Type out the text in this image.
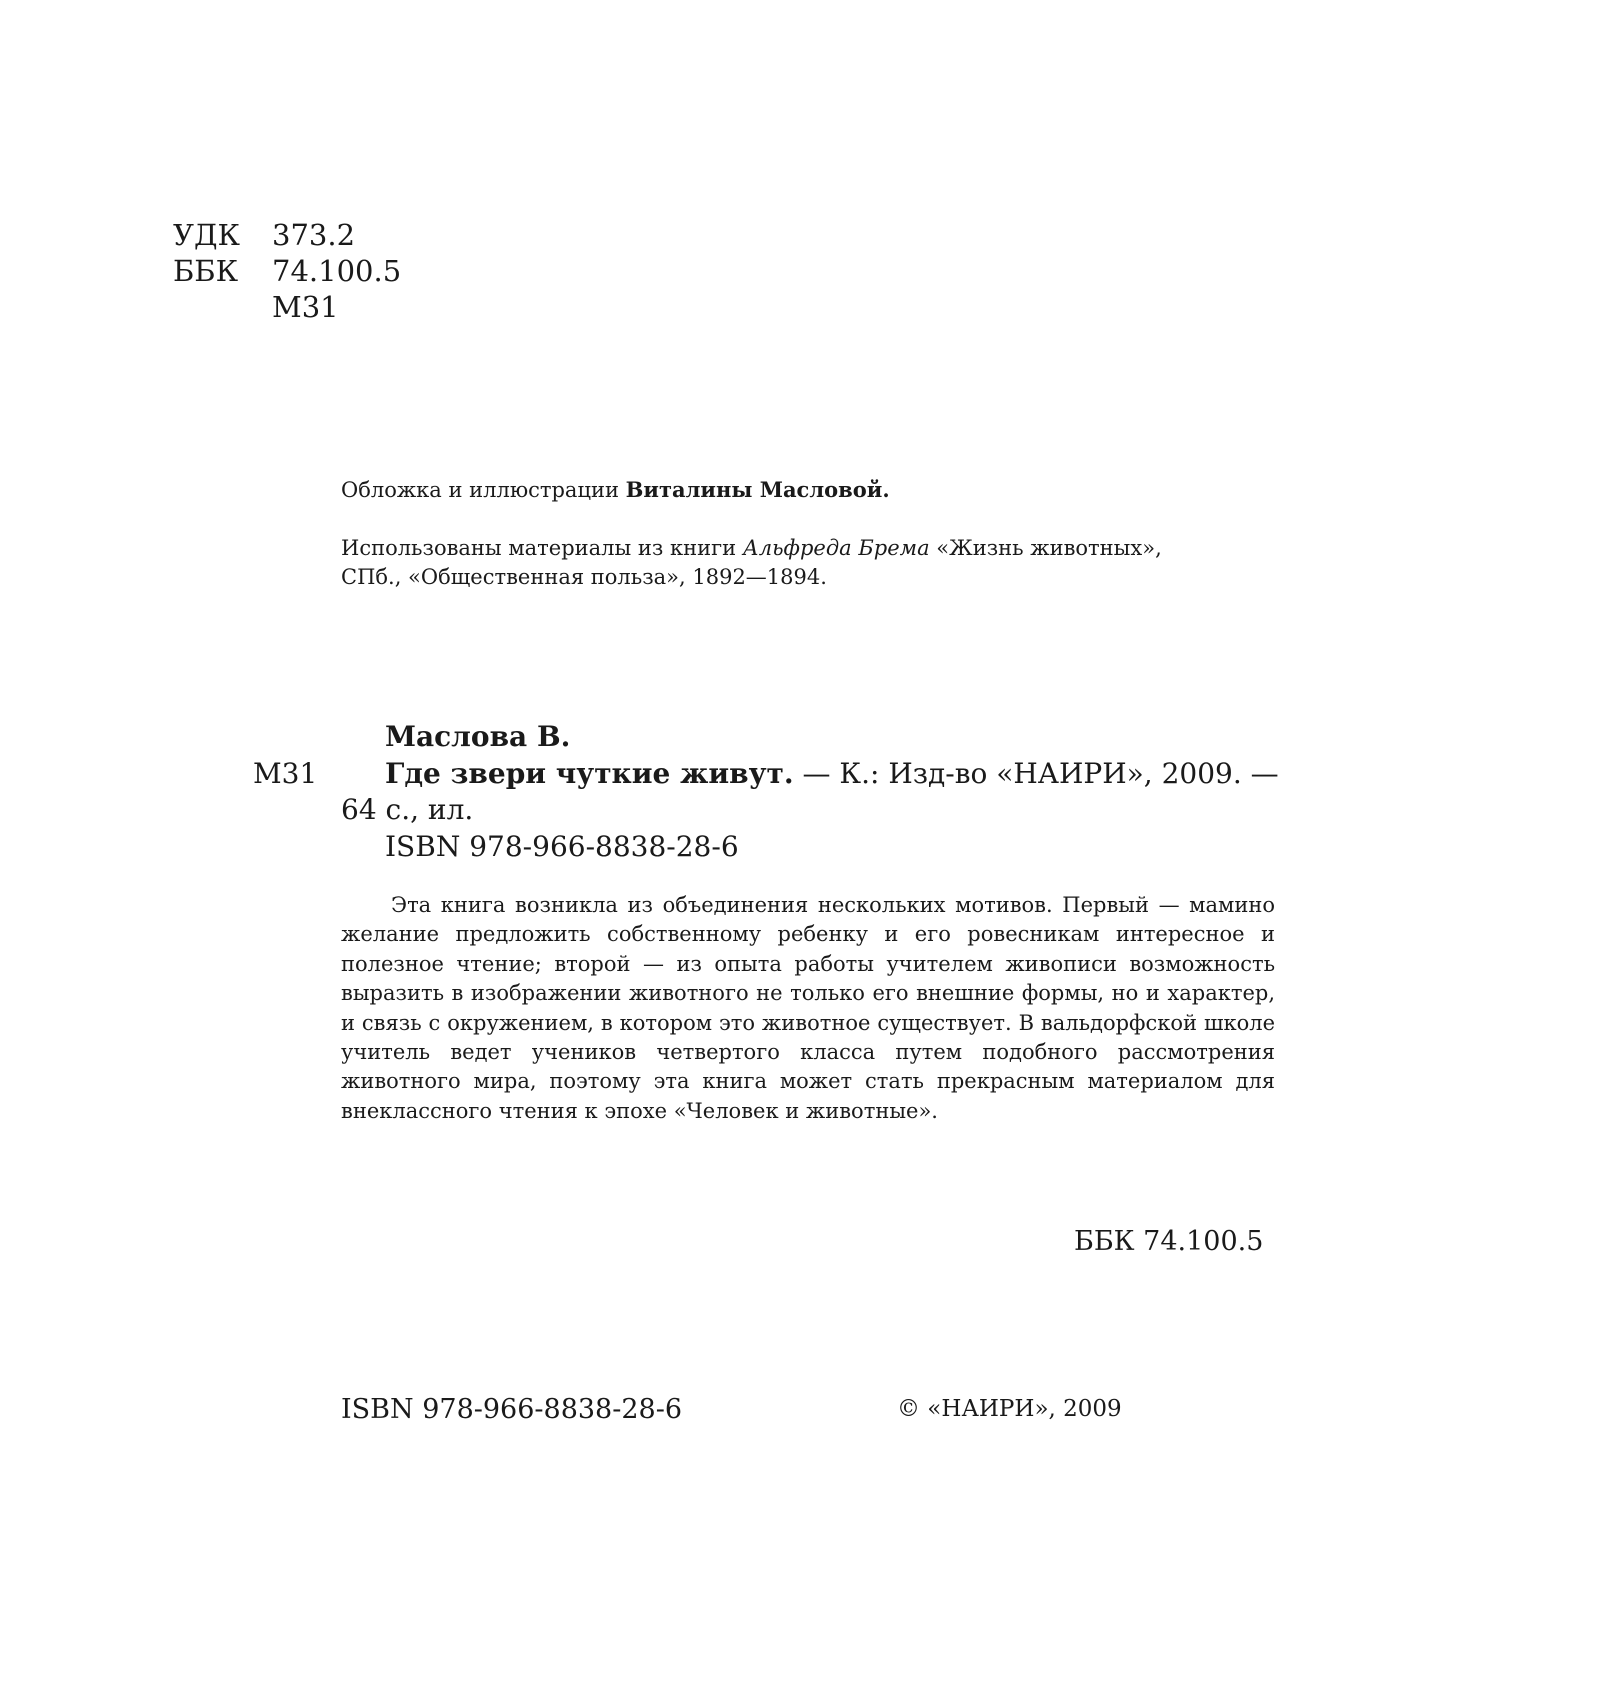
УДК 373.2
ББК 74.100.5
М31
Обложка и иллюстрации Виталины Масловой.
Использованы материалы из книги Альфреда Брема «Жизнь животных»,
СПб., «Общественная польза», 1892—1894.
Маслова В.
М31 Где звери чуткие живут. — К.: Изд-во «НАИРИ», 2009. —
64 с., ил.
ISBN 978-966-8838-28-6
Эта книга возникла из объединения нескольких мотивов. Первый — мамино желание предложить собственному ребенку и его ровесникам интересное и полезное чтение; второй — из опыта работы учителем живописи возможность выразить в изображении животного не только его внешние формы, но и характер, и связь с окружением, в котором это животное существует. В вальдорфской школе учитель ведет учеников четвертого класса путем подобного рассмотрения животного мира, поэтому эта книга может стать прекрасным материалом для внеклассного чтения к эпохе «Человек и животные».
ББК 74.100.5
ISBN 978-966-8838-28-6	© «НАИРИ», 2009
